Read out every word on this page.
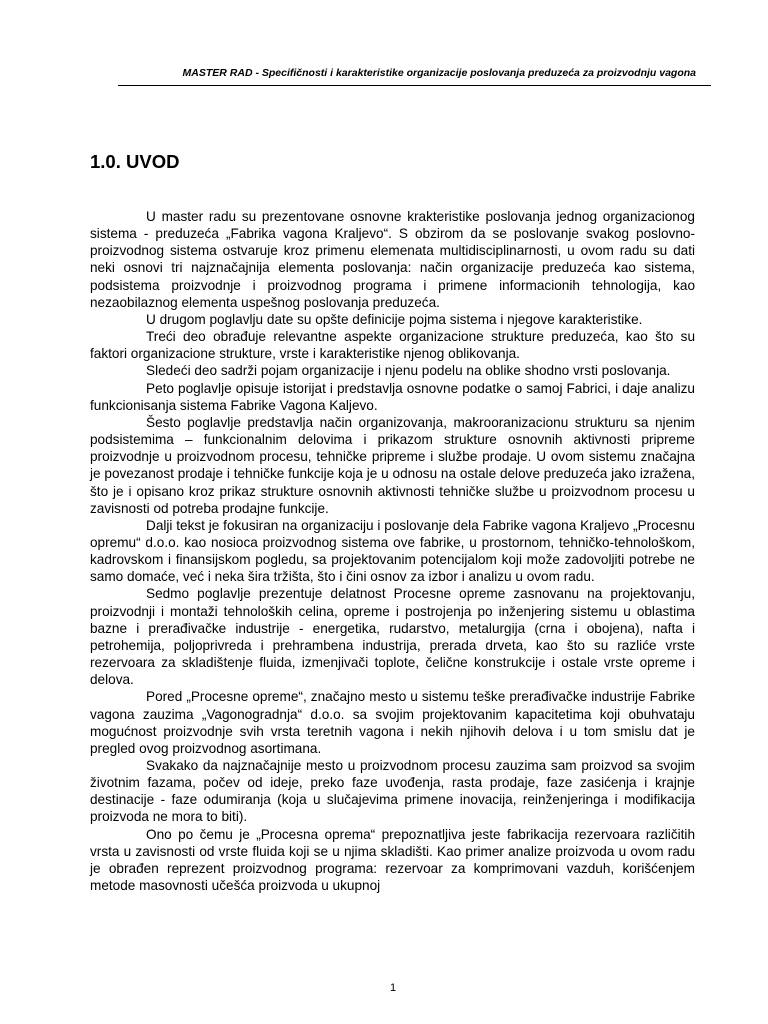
MASTER RAD - Specifičnosti i karakteristike organizacije poslovanja preduzeća za proizvodnju vagona
1.0. UVOD

U master radu su prezentovane osnovne krakteristike poslovanja jednog organizacionog sistema - preduzeća „Fabrika vagona Kraljevo“. S obzirom da se poslovanje svakog poslovno-proizvodnog sistema ostvaruje kroz primenu elemenata multidisciplinarnosti, u ovom radu su dati neki osnovi tri najznačajnija elementa poslovanja: način organizacije preduzeća kao sistema, podsistema proizvodnje i proizvodnog programa i primene informacionih tehnologija, kao nezaobilaznog elementa uspešnog poslovanja preduzeća.

U drugom poglavlju date su opšte definicije pojma sistema i njegove karakteristike.

Treći deo obrađuje relevantne aspekte organizacione strukture preduzeća, kao što su faktori organizacione strukture, vrste i karakteristike njenog oblikovanja.

Sledeći deo sadrži pojam organizacije i njenu podelu na oblike shodno vrsti poslovanja.

Peto poglavlje opisuje istorijat i predstavlja osnovne podatke o samoj Fabrici, i daje analizu funkcionisanja sistema Fabrike Vagona Kaljevo.

Šesto poglavlje predstavlja način organizovanja, makrooranizacionu strukturu sa njenim podsistemima – funkcionalnim delovima i prikazom strukture osnovnih aktivnosti pripreme proizvodnje u proizvodnom procesu, tehničke pripreme i službe prodaje. U ovom sistemu značajna je povezanost prodaje i tehničke funkcije koja je u odnosu na ostale delove preduzeća jako izražena, što je i opisano kroz prikaz strukture osnovnih aktivnosti tehničke službe u proizvodnom procesu u zavisnosti od potreba prodajne funkcije.

Dalji tekst je fokusiran na organizaciju i poslovanje dela Fabrike vagona Kraljevo „Procesnu opremu“ d.o.o. kao nosioca proizvodnog sistema ove fabrike, u prostornom, tehničko-tehnološkom, kadrovskom i finansijskom pogledu, sa projektovanim potencijalom koji može zadovoljiti potrebe ne samo domaće, već i neka šira tržišta, što i čini osnov za izbor i analizu u ovom radu.

Sedmo poglavlje prezentuje delatnost Procesne opreme zasnovanu na projektovanju, proizvodnji i montaži tehnoloških celina, opreme i postrojenja po inženjering sistemu u oblastima bazne i prerađivačke industrije - energetika, rudarstvo, metalurgija (crna i obojena), nafta i petrohemija, poljoprivreda i prehrambena industrija, prerada drveta, kao što su razlićе vrste rezervoara za skladištenje fluida, izmenjivači toplote, čelične konstrukcije i ostale vrste opreme i delova.

Pored „Procesne opreme“, značajno mesto u sistemu teške prerađivačke industrije Fabrike vagona zauzima „Vagonogradnja“ d.o.o. sa svojim projektovanim kapacitetima koji obuhvataju mogućnost proizvodnje svih vrsta teretnih vagona i nekih njihovih delova i u tom smislu dat je pregled ovog proizvodnog asortimana.

Svakako da najznačajnije mesto u proizvodnom procesu zauzima sam proizvod sa svojim životnim fazama, počev od ideje, preko faze uvođenja, rasta prodaje, faze zasićenja i krajnje destinacije - faze odumiranja (koja u slučajevima primene inovacija, reinženjeringa i modifikacija proizvoda ne mora to biti).

Ono po čemu je „Procesna oprema“ prepoznatljiva jeste fabrikacija rezervoara različitih vrsta u zavisnosti od vrste fluida koji se u njima skladišti. Kao primer analize proizvoda u ovom radu je obrađen reprezent proizvodnog programa: rezervoar za komprimovani vazduh, korišćenjem metode masovnosti učešća proizvoda u ukupnoj

1
